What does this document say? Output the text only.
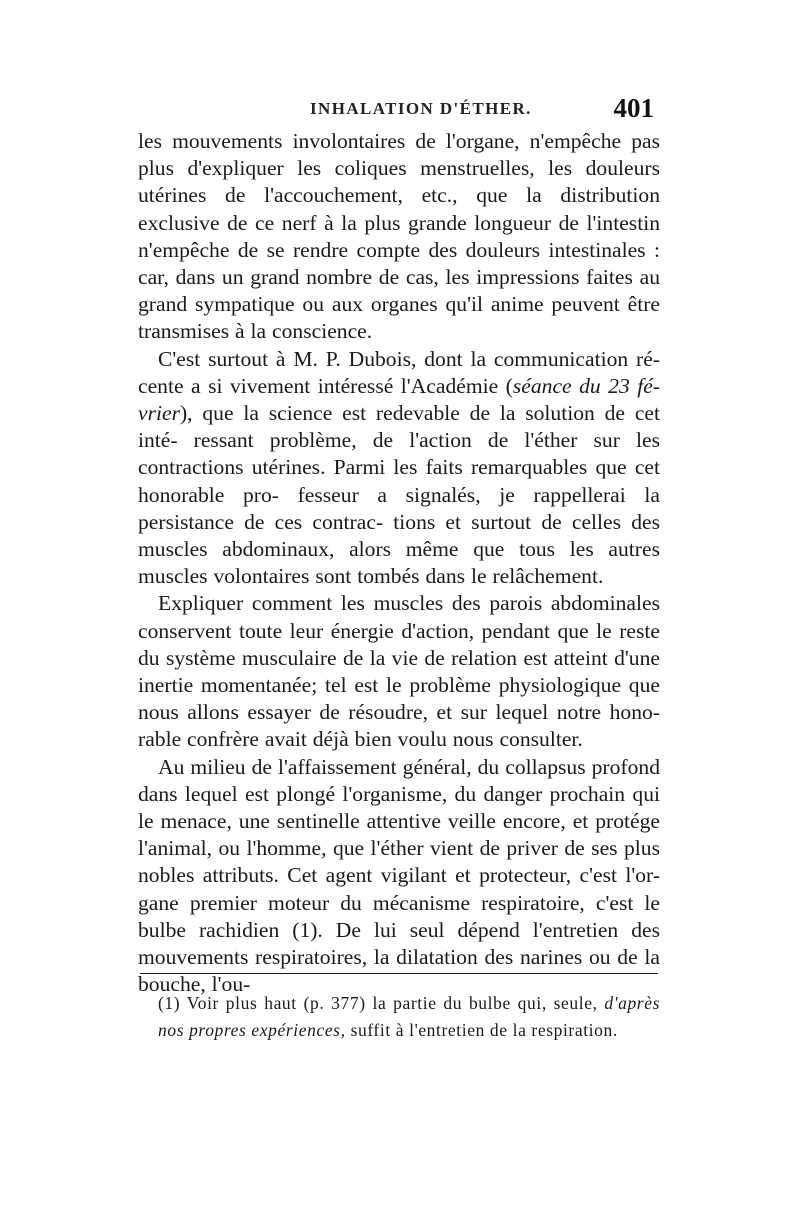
INHALATION D'ÉTHER.	401

les mouvements involontaires de l'organe, n'empêche pas plus d'expliquer les coliques menstruelles, les douleurs utérines de l'accouchement, etc., que la distribution exclusive de ce nerf à la plus grande longueur de l'intestin n'empêche de se rendre compte des douleurs intestinales : car, dans un grand nombre de cas, les impressions faites au grand sympatique ou aux organes qu'il anime peuvent être transmises à la conscience.

C'est surtout à M. P. Dubois, dont la communication ré- cente a si vivement intéressé l'Académie (séance du 23 fé- vrier), que la science est redevable de la solution de cet inté- ressant problème, de l'action de l'éther sur les contractions utérines. Parmi les faits remarquables que cet honorable pro- fesseur a signalés, je rappellerai la persistance de ces contrac- tions et surtout de celles des muscles abdominaux, alors même que tous les autres muscles volontaires sont tombés dans le relâchement.

Expliquer comment les muscles des parois abdominales conservent toute leur énergie d'action, pendant que le reste du système musculaire de la vie de relation est atteint d'une inertie momentanée; tel est le problème physiologique que nous allons essayer de résoudre, et sur lequel notre hono- rable confrère avait déjà bien voulu nous consulter.

Au milieu de l'affaissement général, du collapsus profond dans lequel est plongé l'organisme, du danger prochain qui le menace, une sentinelle attentive veille encore, et protége l'animal, ou l'homme, que l'éther vient de priver de ses plus nobles attributs. Cet agent vigilant et protecteur, c'est l'or- gane premier moteur du mécanisme respiratoire, c'est le bulbe rachidien (1). De lui seul dépend l'entretien des mouvements respiratoires, la dilatation des narines ou de la bouche, l'ou-

(1) Voir plus haut (p. 377) la partie du bulbe qui, seule, d'après nos propres expériences, suffit à l'entretien de la respiration.
